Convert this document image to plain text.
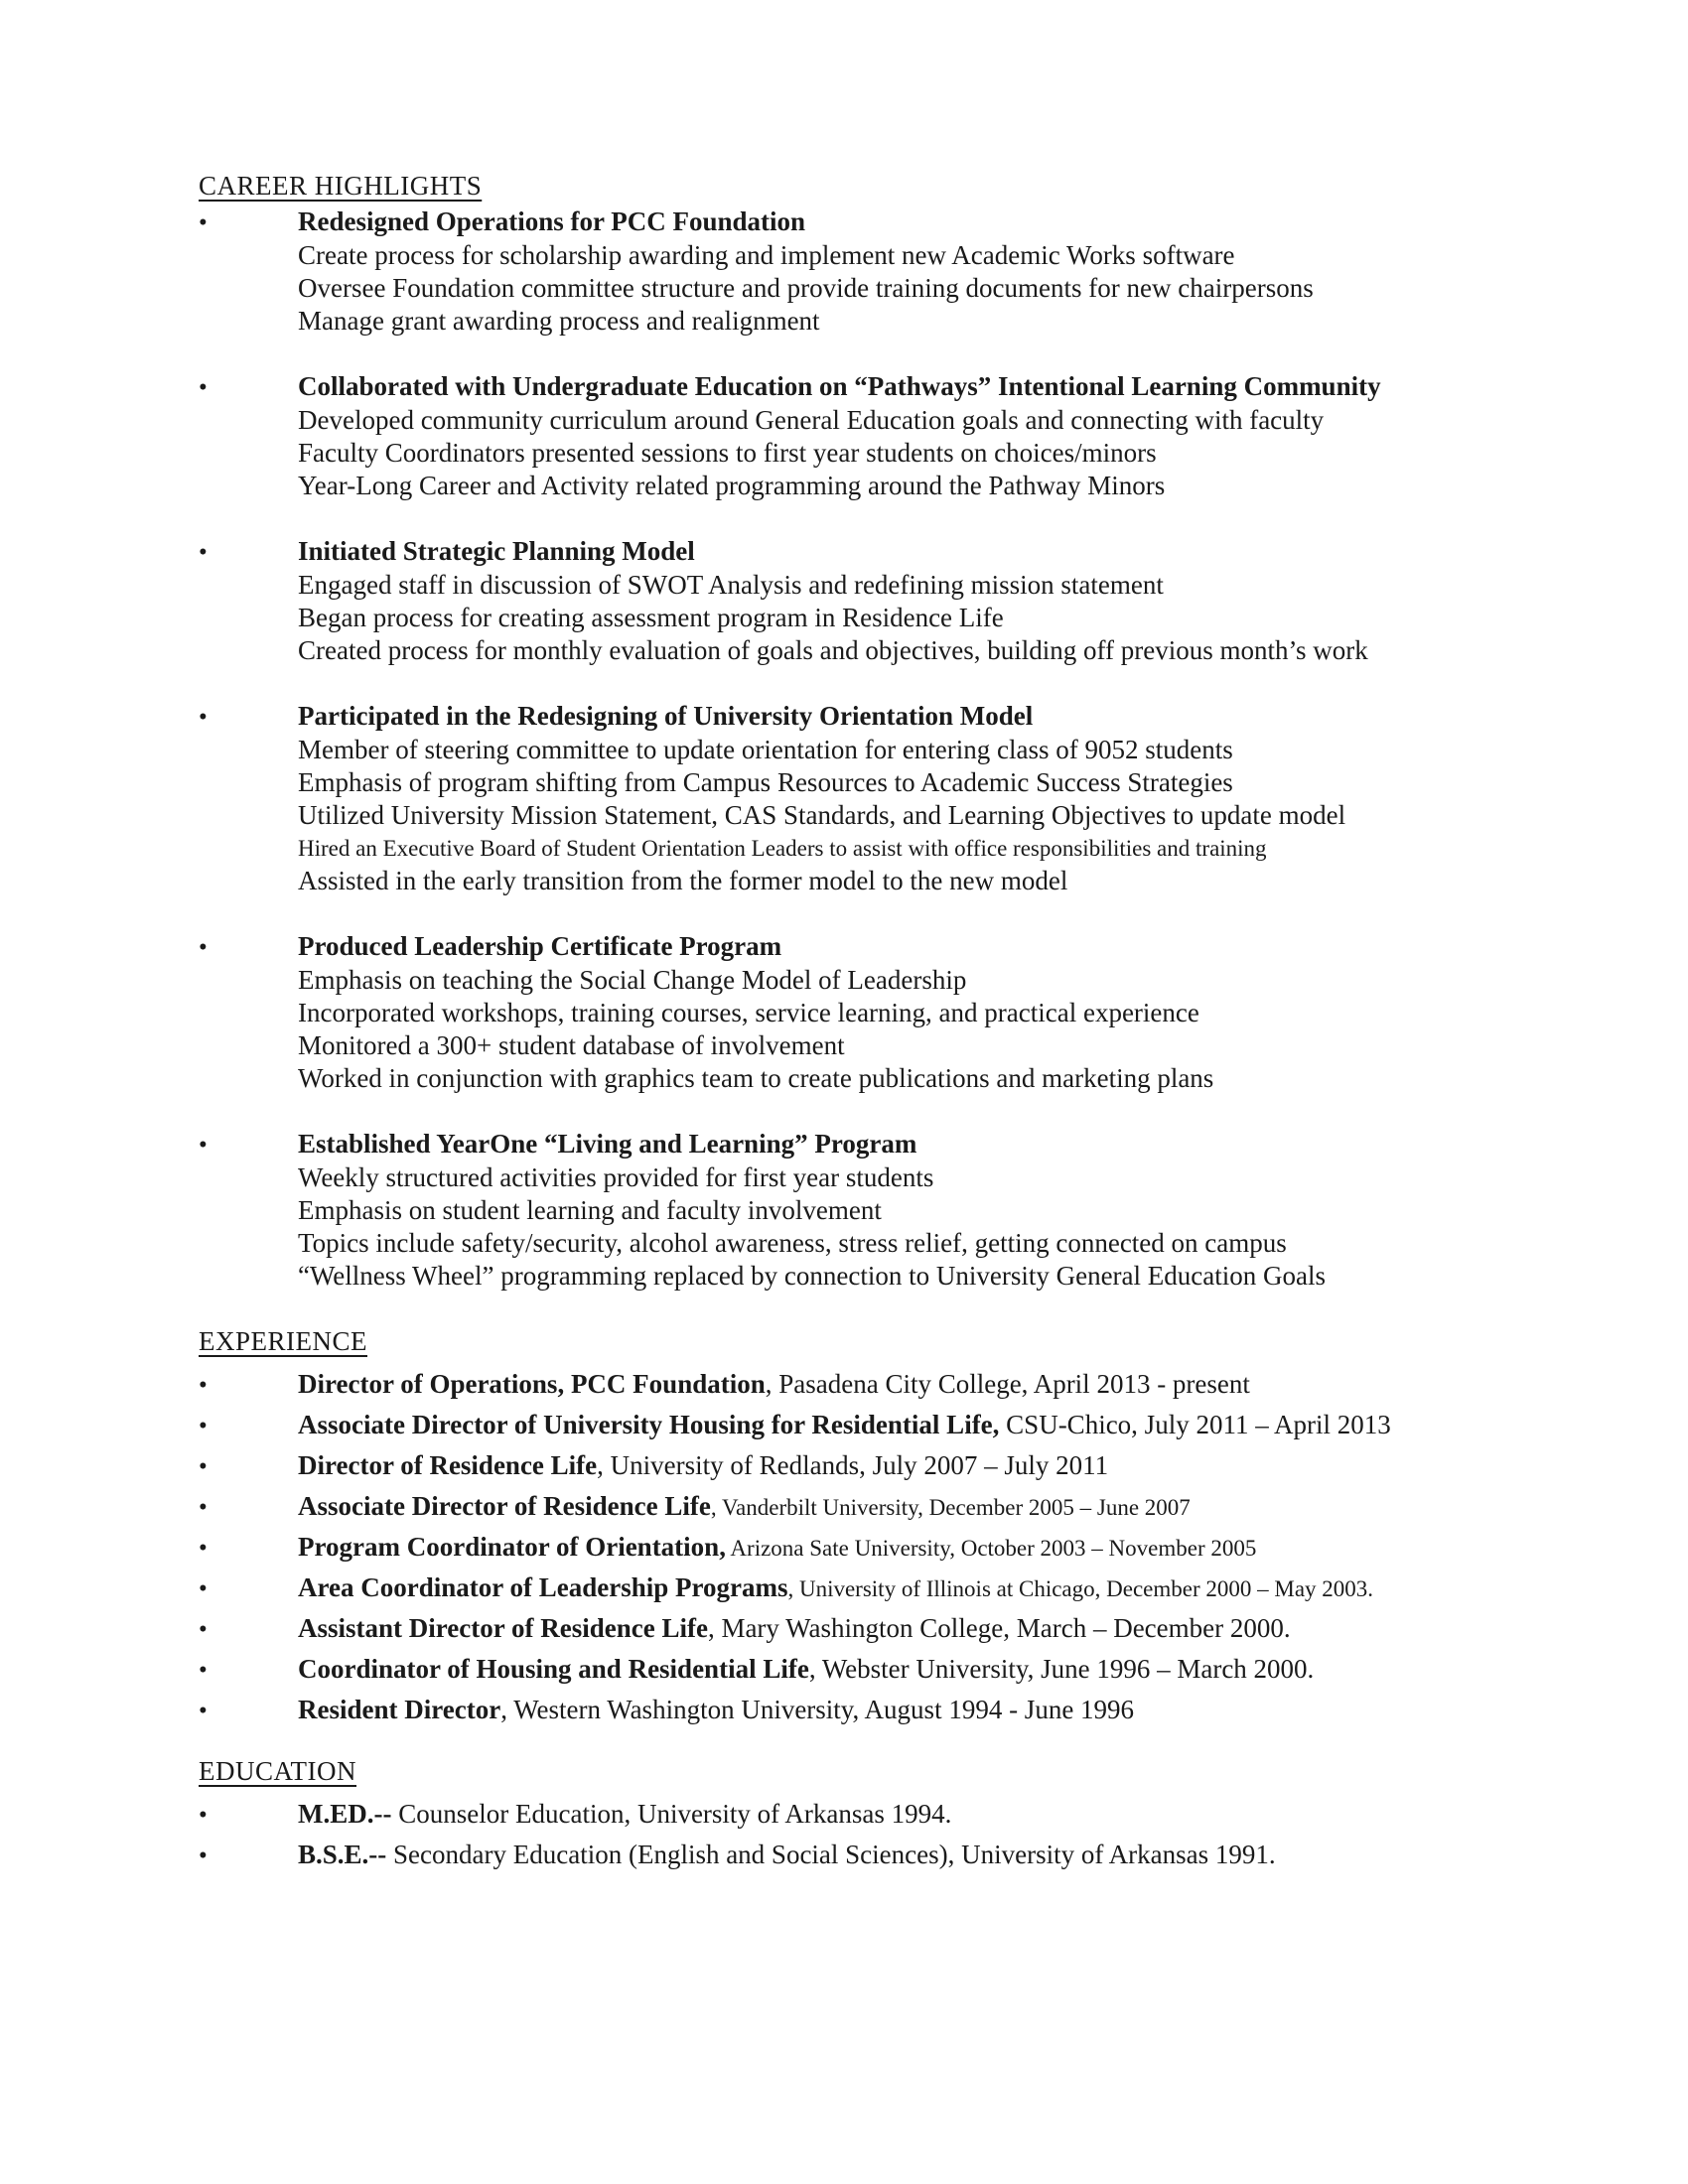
CAREER HIGHLIGHTS
•	Redesigned Operations for PCC Foundation
Create process for scholarship awarding and implement new Academic Works software
Oversee Foundation committee structure and provide training documents for new chairpersons
Manage grant awarding process and realignment
•	Collaborated with Undergraduate Education on “Pathways” Intentional Learning Community
Developed community curriculum around General Education goals and connecting with faculty
Faculty Coordinators presented sessions to first year students on choices/minors
Year-Long Career and Activity related programming around the Pathway Minors
•	Initiated Strategic Planning Model
Engaged staff in discussion of SWOT Analysis and redefining mission statement
Began process for creating assessment program in Residence Life
Created process for monthly evaluation of goals and objectives, building off previous month’s work
•	Participated in the Redesigning of University Orientation Model
Member of steering committee to update orientation for entering class of 9052 students
Emphasis of program shifting from Campus Resources to Academic Success Strategies
Utilized University Mission Statement, CAS Standards, and Learning Objectives to update model
Hired an Executive Board of Student Orientation Leaders to assist with office responsibilities and training
Assisted in the early transition from the former model to the new model
•	Produced Leadership Certificate Program
Emphasis on teaching the Social Change Model of Leadership
Incorporated workshops, training courses, service learning, and practical experience
Monitored a 300+ student database of involvement
Worked in conjunction with graphics team to create publications and marketing plans
•	Established YearOne “Living and Learning” Program
Weekly structured activities provided for first year students
Emphasis on student learning and faculty involvement
Topics include safety/security, alcohol awareness, stress relief, getting connected on campus
“Wellness Wheel” programming replaced by connection to University General Education Goals
EXPERIENCE
•	Director of Operations, PCC Foundation, Pasadena City College, April 2013 - present
•	Associate Director of University Housing for Residential Life, CSU-Chico, July 2011 – April 2013
•	Director of Residence Life, University of Redlands, July 2007 – July 2011
•	Associate Director of Residence Life, Vanderbilt University, December 2005 – June 2007
•	Program Coordinator of Orientation, Arizona Sate University, October 2003 – November 2005
•	Area Coordinator of Leadership Programs, University of Illinois at Chicago, December 2000 – May 2003.
•	Assistant Director of Residence Life, Mary Washington College, March – December 2000.
•	Coordinator of Housing and Residential Life, Webster University, June 1996 – March 2000.
•	Resident Director, Western Washington University, August 1994 - June 1996
EDUCATION
•	M.ED.-- Counselor Education, University of Arkansas 1994.
•	B.S.E.-- Secondary Education (English and Social Sciences), University of Arkansas 1991.
